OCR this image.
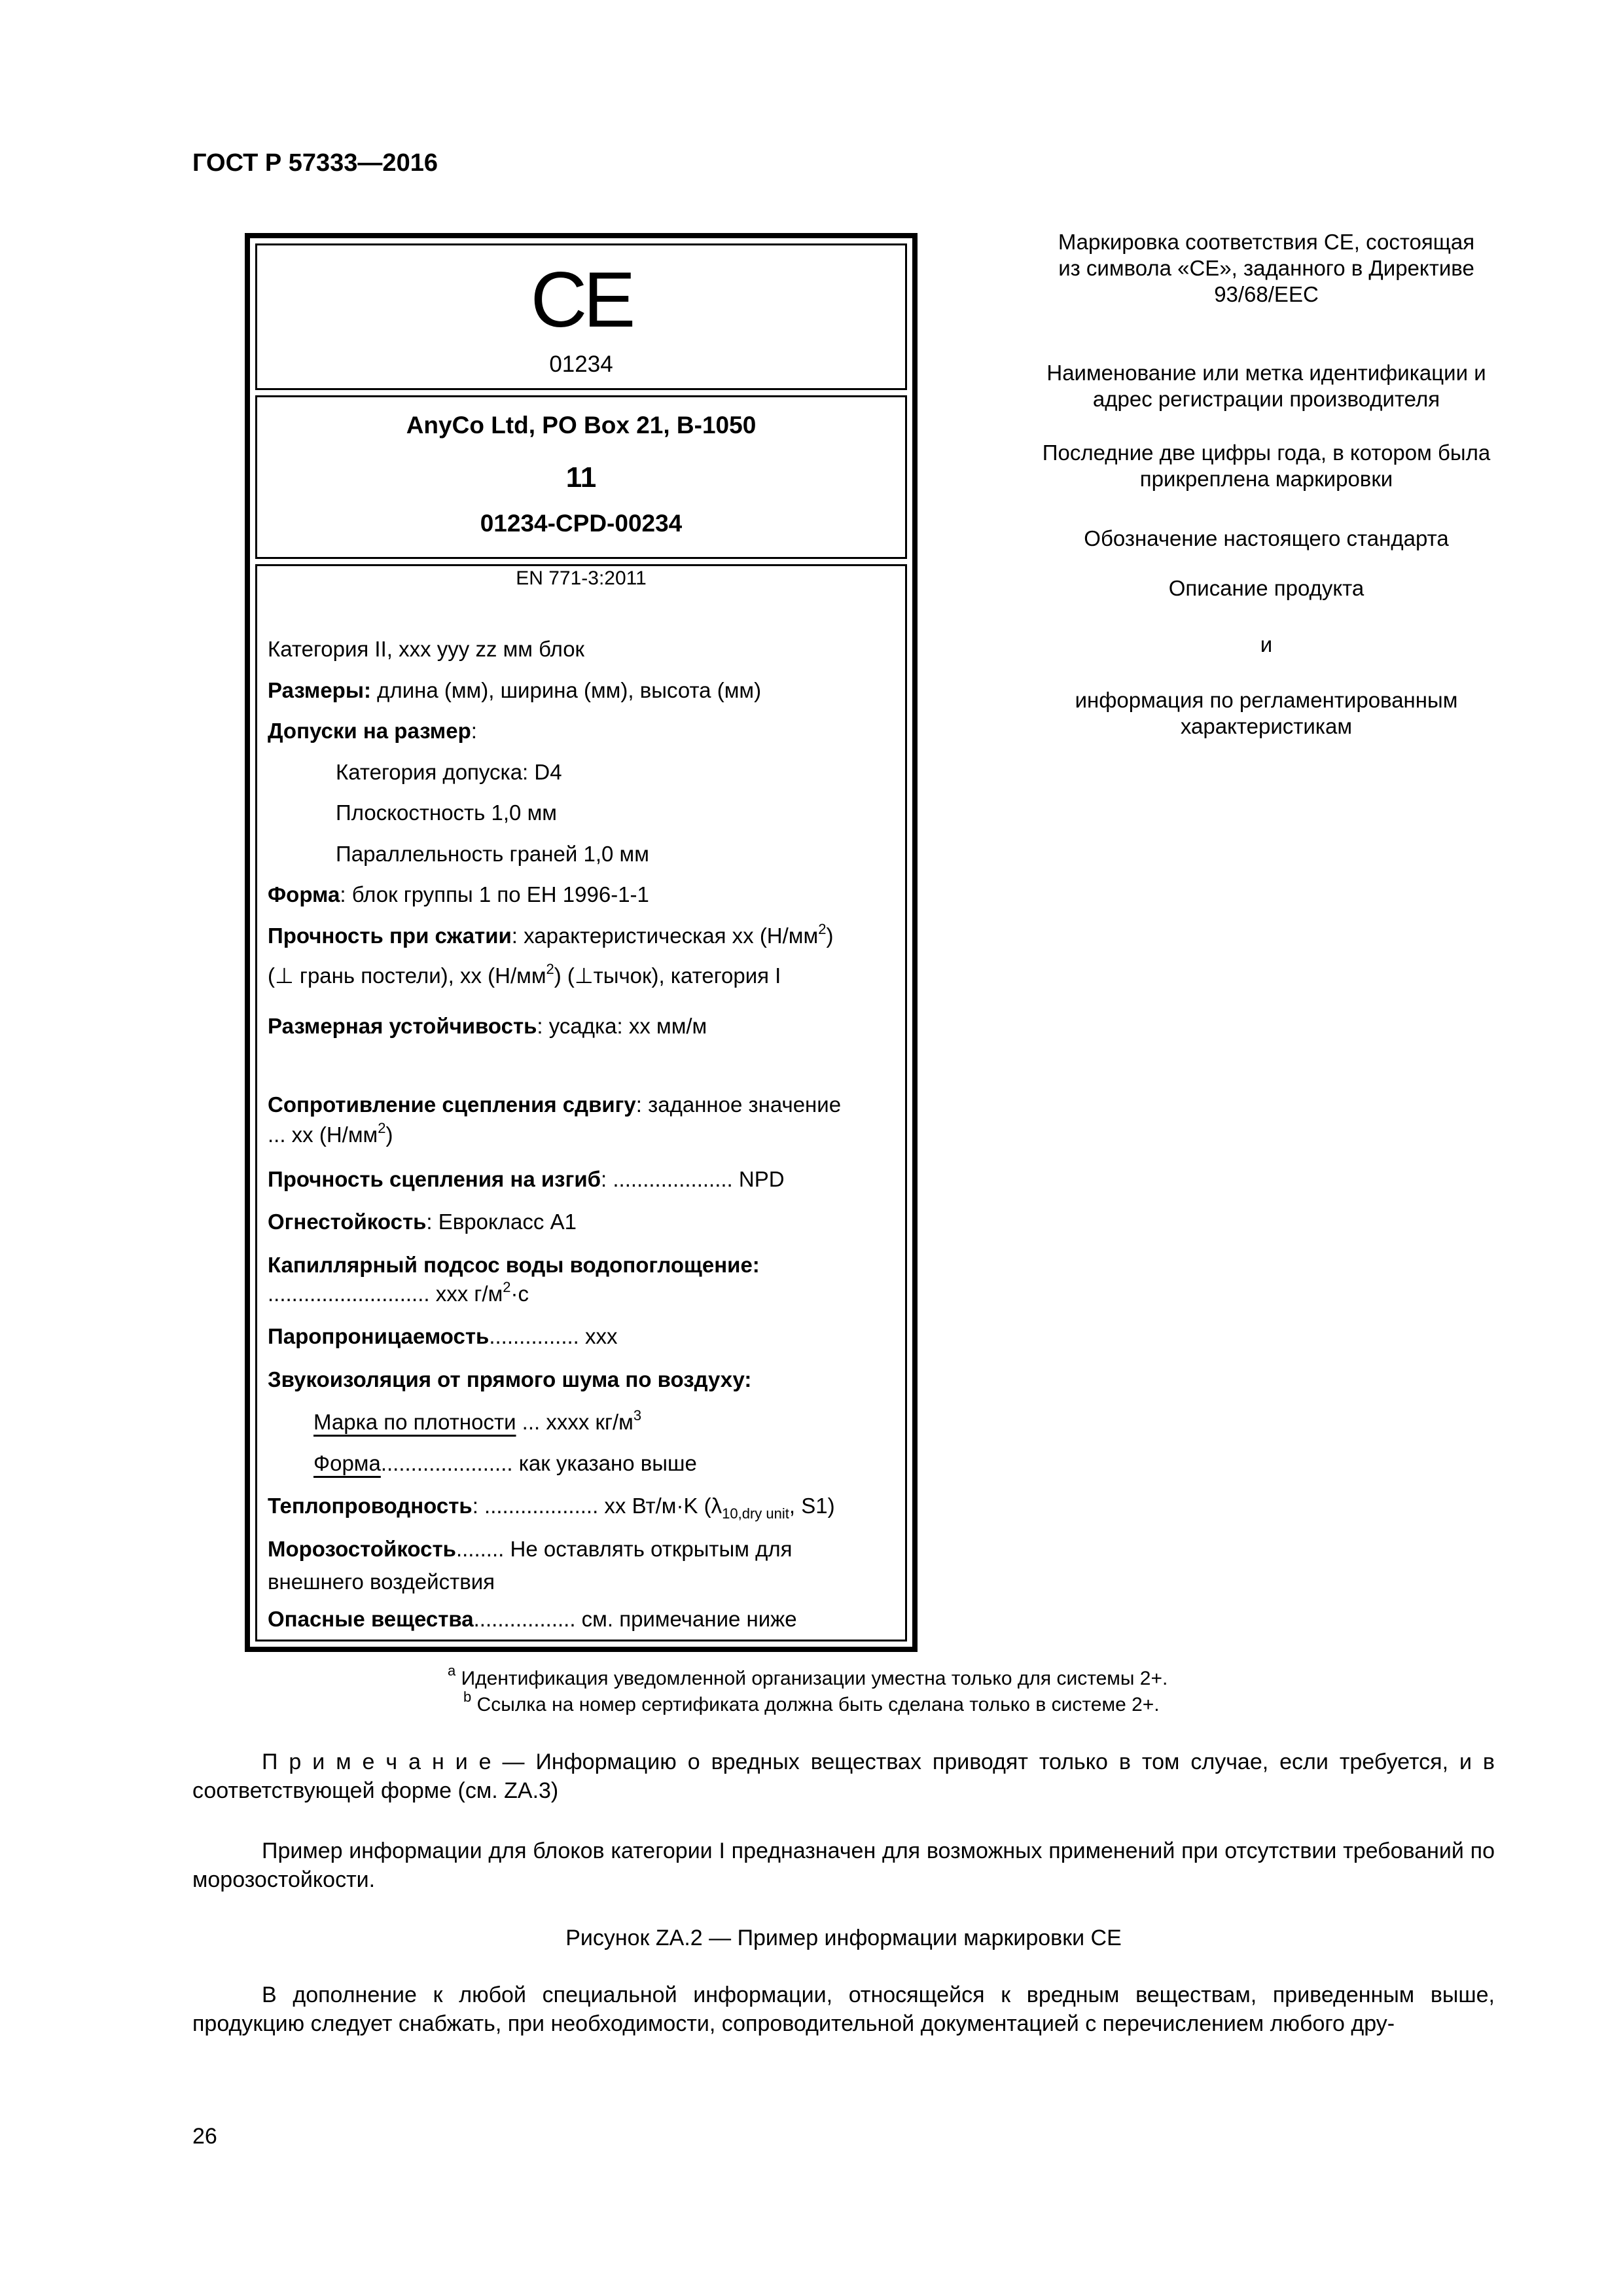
ГОСТ Р 57333—2016
CE
01234
AnyCo Ltd, PO Box 21, B-1050
11
01234-CPD-00234
EN 771-3:2011
Категория II, xxx yyy zz мм блок
Размеры: длина (мм), ширина (мм), высота (мм)
Допуски на размер:
Категория допуска: D4
Плоскостность 1,0 мм
Параллельность граней 1,0 мм
Форма: блок группы 1 по ЕН 1996-1-1
Прочность при сжатии: характеристическая xx $(Н/мм^2)$
(⊥ грань постели), xx $(Н/мм^2)$ (⊥тычок), категория I
Размерная устойчивость: усадка: xx мм/м
Сопротивление сцепления сдвигу: заданное значение
... xx $(Н/мм^2)$
Прочность сцепления на изгиб: .................... NPD
Огнестойкость: Еврокласс A1
Капиллярный подсос воды водопоглощение:
........................... xxx $г/м^2\cdot с$
Паропроницаемость............... xxx
Звукоизоляция от прямого шума по воздуху:
Марка по плотности ... xxxx $кг/м^3$
Форма...................... как указано выше
Теплопроводность: ................... xx Вт/м·K ($\lambda_{10,dry unit}$, S1)
Морозостойкость........ Не оставлять открытым для
внешнего воздействия
Опасные вещества................. см. примечание ниже
Маркировка соответствия CE, состоящая
из символа «CE», заданного в Директиве
93/68/EEC
Наименование или метка идентификации и
адрес регистрации производителя
Последние две цифры года, в котором была
прикреплена маркировки
Обозначение настоящего стандарта
Описание продукта
и
информация по регламентированным
характеристикам
$^a$ Идентификация уведомленной организации уместна только для системы 2+.
$^b$ Ссылка на номер сертификата должна быть сделана только в системе 2+.
П р и м е ч а н и е — Информацию о вредных веществах приводят только в том случае, если требуется, и в соответствующей форме (см. ZA.3)
Пример информации для блоков категории I предназначен для возможных применений при отсутствии требований по морозостойкости.
Рисунок ZA.2 — Пример информации маркировки CE
В дополнение к любой специальной информации, относящейся к вредным веществам, приведенным выше, продукцию следует снабжать, при необходимости, сопроводительной документацией с перечислением любого дру-
26
